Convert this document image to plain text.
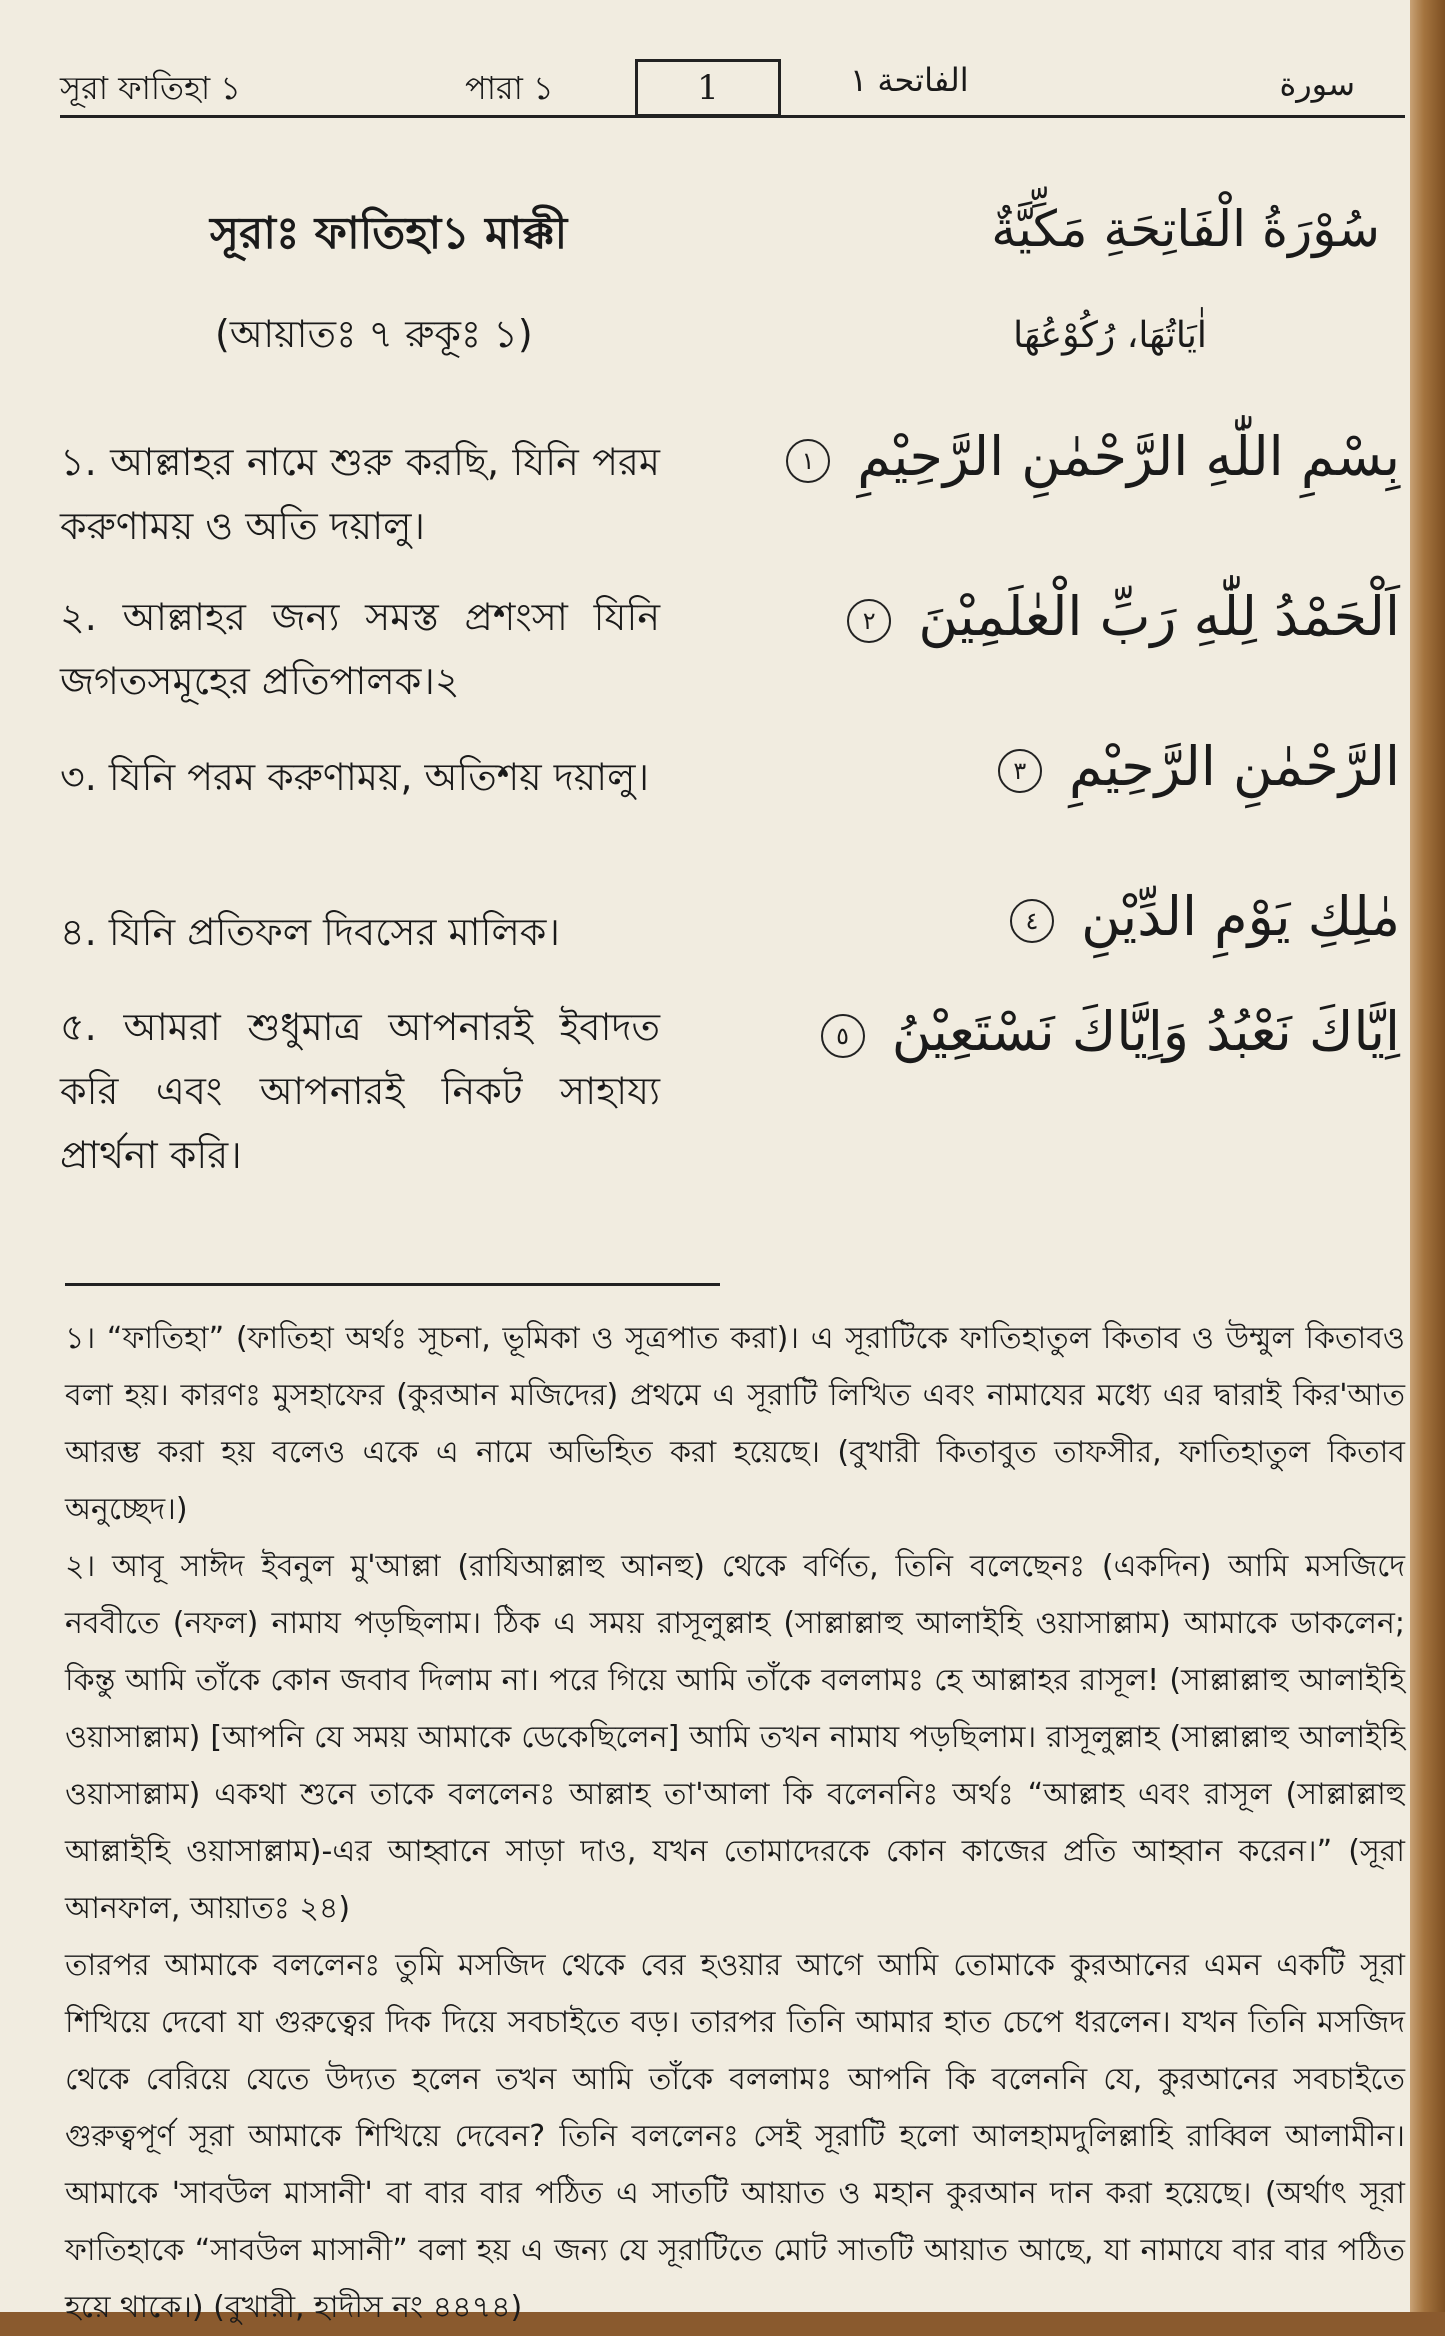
সূরা ফাতিহা ১	পারা ১	1	الفاتحة ١	سورة
সূরাঃ ফাতিহা১ মাক্কী
(আয়াতঃ ৭ রুকূঃ ১)
১. আল্লাহর নামে শুরু করছি, যিনি পরম করুণাময় ও অতি দয়ালু।
২. আল্লাহর জন্য সমস্ত প্রশংসা যিনি জগতসমূহের প্রতিপালক।২
৩. যিনি পরম করুণাময়, অতিশয় দয়ালু।
৪. যিনি প্রতিফল দিবসের মালিক।
৫. আমরা শুধুমাত্র আপনারই ইবাদত করি এবং আপনারই নিকট সাহায্য প্রার্থনা করি।
سُوْرَةُ الْفَاتِحَةِ مَكِّيَّةٌ
اٰيَاتُهَا، رُكُوْعُهَا
بِسْمِ اللّٰهِ الرَّحْمٰنِ الرَّحِيْمِ ١
اَلْحَمْدُ لِلّٰهِ رَبِّ الْعٰلَمِيْنَ ٢
الرَّحْمٰنِ الرَّحِيْمِ ٣
مٰلِكِ يَوْمِ الدِّيْنِ ٤
اِيَّاكَ نَعْبُدُ وَاِيَّاكَ نَسْتَعِيْنُ ٥

১। “ফাতিহা” (ফাতিহা অর্থঃ সূচনা, ভূমিকা ও সূত্রপাত করা)। এ সূরাটিকে ফাতিহাতুল কিতাব ও উম্মুল কিতাবও বলা হয়। কারণঃ মুসহাফের (কুরআন মজিদের) প্রথমে এ সূরাটি লিখিত এবং নামাযের মধ্যে এর দ্বারাই কির'আত আরম্ভ করা হয় বলেও একে এ নামে অভিহিত করা হয়েছে। (বুখারী কিতাবুত তাফসীর, ফাতিহাতুল কিতাব অনুচ্ছেদ।)

২। আবূ সাঈদ ইবনুল মু'আল্লা (রাযিআল্লাহু আনহু) থেকে বর্ণিত, তিনি বলেছেনঃ (একদিন) আমি মসজিদে নববীতে (নফল) নামায পড়ছিলাম। ঠিক এ সময় রাসূলুল্লাহ (সাল্লাল্লাহু আলাইহি ওয়াসাল্লাম) আমাকে ডাকলেন; কিন্তু আমি তাঁকে কোন জবাব দিলাম না। পরে গিয়ে আমি তাঁকে বললামঃ হে আল্লাহর রাসূল! (সাল্লাল্লাহু আলাইহি ওয়াসাল্লাম) [আপনি যে সময় আমাকে ডেকেছিলেন] আমি তখন নামায পড়ছিলাম। রাসূলুল্লাহ (সাল্লাল্লাহু আলাইহি ওয়াসাল্লাম) একথা শুনে তাকে বললেনঃ আল্লাহ তা'আলা কি বলেননিঃ অর্থঃ “আল্লাহ এবং রাসূল (সাল্লাল্লাহু আল্লাইহি ওয়াসাল্লাম)-এর আহ্বানে সাড়া দাও, যখন তোমাদেরকে কোন কাজের প্রতি আহ্বান করেন।” (সূরা আনফাল, আয়াতঃ ২৪)

তারপর আমাকে বললেনঃ তুমি মসজিদ থেকে বের হওয়ার আগে আমি তোমাকে কুরআনের এমন একটি সূরা শিখিয়ে দেবো যা গুরুত্বের দিক দিয়ে সবচাইতে বড়। তারপর তিনি আমার হাত চেপে ধরলেন। যখন তিনি মসজিদ থেকে বেরিয়ে যেতে উদ্যত হলেন তখন আমি তাঁকে বললামঃ আপনি কি বলেননি যে, কুরআনের সবচাইতে গুরুত্বপূর্ণ সূরা আমাকে শিখিয়ে দেবেন? তিনি বললেনঃ সেই সূরাটি হলো আলহামদুলিল্লাহি রাব্বিল আলামীন। আমাকে 'সাবউল মাসানী' বা বার বার পঠিত এ সাতটি আয়াত ও মহান কুরআন দান করা হয়েছে। (অর্থাৎ সূরা ফাতিহাকে “সাবউল মাসানী” বলা হয় এ জন্য যে সূরাটিতে মোট সাতটি আয়াত আছে, যা নামাযে বার বার পঠিত হয়ে থাকে।) (বুখারী, হাদীস নং ৪৪৭৪)
